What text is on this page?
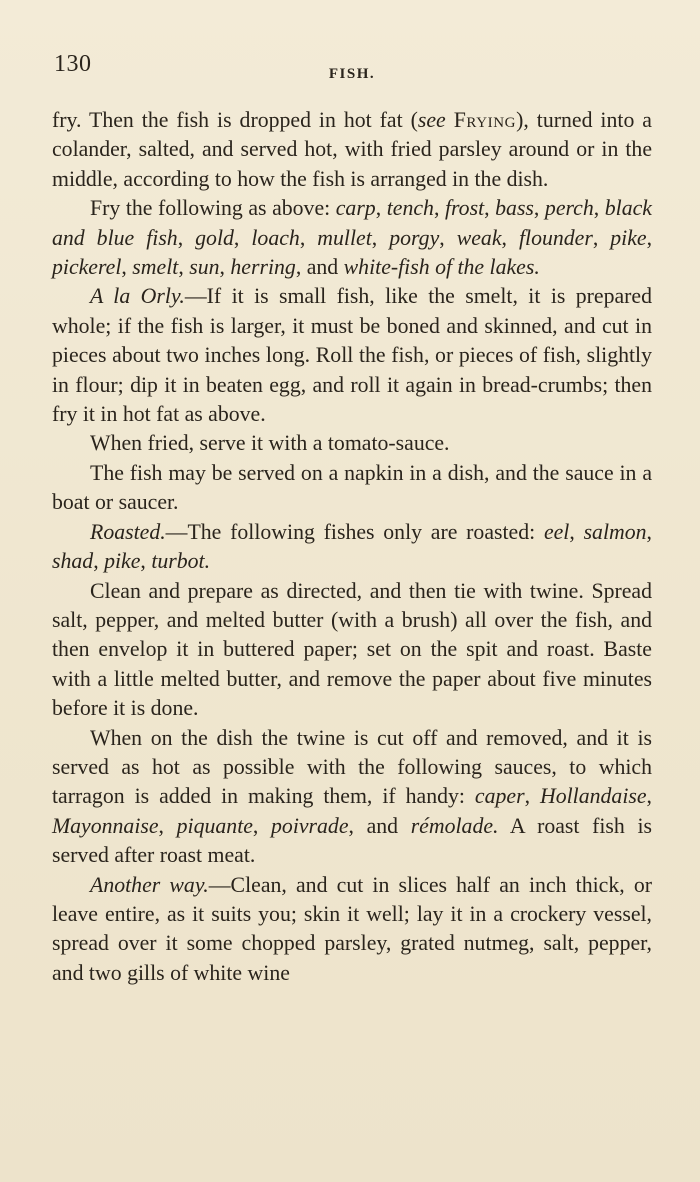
130	FISH.

fry. Then the fish is dropped in hot fat (see Frying), turned into a colander, salted, and served hot, with fried parsley around or in the middle, according to how the fish is arranged in the dish.

Fry the following as above: carp, tench, frost, bass, perch, black and blue fish, gold, loach, mullet, porgy, weak, flounder, pike, pickerel, smelt, sun, herring, and white-fish of the lakes.

A la Orly.—If it is small fish, like the smelt, it is prepared whole; if the fish is larger, it must be boned and skinned, and cut in pieces about two inches long. Roll the fish, or pieces of fish, slightly in flour; dip it in beaten egg, and roll it again in bread-crumbs; then fry it in hot fat as above.

When fried, serve it with a tomato-sauce.

The fish may be served on a napkin in a dish, and the sauce in a boat or saucer.

Roasted.—The following fishes only are roasted: eel, salmon, shad, pike, turbot.

Clean and prepare as directed, and then tie with twine. Spread salt, pepper, and melted butter (with a brush) all over the fish, and then envelop it in buttered paper; set on the spit and roast. Baste with a little melted butter, and remove the paper about five minutes before it is done.

When on the dish the twine is cut off and removed, and it is served as hot as possible with the following sauces, to which tarragon is added in making them, if handy: caper, Hollandaise, Mayonnaise, piquante, poivrade, and rémolade. A roast fish is served after roast meat.

Another way.—Clean, and cut in slices half an inch thick, or leave entire, as it suits you; skin it well; lay it in a crockery vessel, spread over it some chopped parsley, grated nutmeg, salt, pepper, and two gills of white wine
